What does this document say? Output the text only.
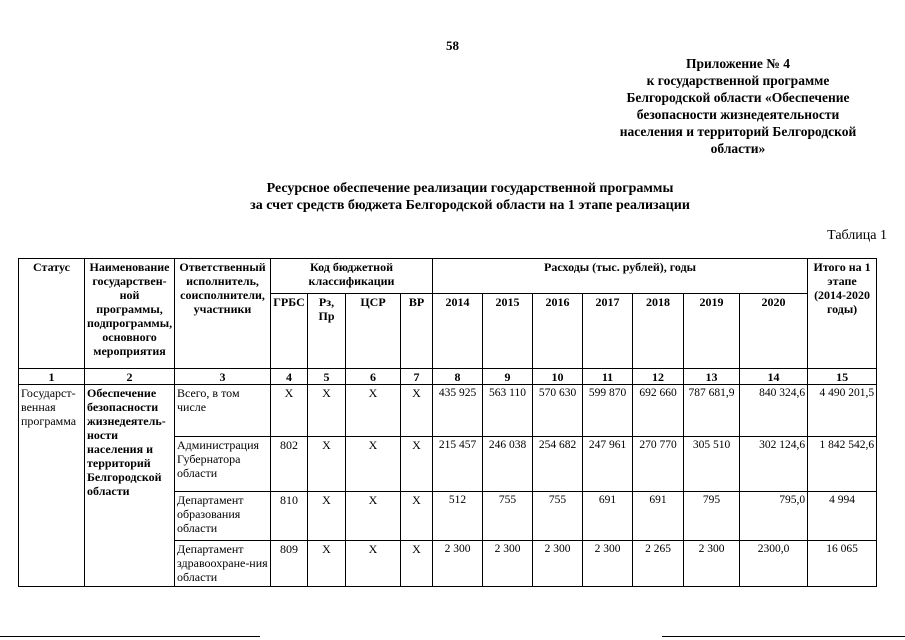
58
Приложение № 4
к государственной программе
Белгородской области «Обеспечение
безопасности жизнедеятельности
населения и территорий Белгородской
области»
Ресурсное обеспечение реализации государственной программы
за счет средств бюджета Белгородской области на 1 этапе реализации
Таблица 1
Статус	Наименование государствен-ной программы, подпрограммы, основного мероприятия	Ответственный исполнитель, соисполнители, участники	Код бюджетной классификации				Расходы (тыс. рублей), годы							Итого на 1 этапе (2014-2020 годы)
			ГРБС	Рз, Пр	ЦСР	ВР	2014	2015	2016	2017	2018	2019	2020	
1	2	3	4	5	6	7	8	9	10	11	12	13	14	15
Государст-венная программа	Обеспечение безопасности жизнедеятель-ности населения и территорий Белгородской области	Всего, в том числе	X	X	X	X	435 925	563 110	570 630	599 870	692 660	787 681,9	840 324,6	4 490 201,5
		Администрация Губернатора области	802	X	X	X	215 457	246 038	254 682	247 961	270 770	305 510	302 124,6	1 842 542,6
		Департамент образования области	810	X	X	X	512	755	755	691	691	795	795,0	4 994
		Департамент здравоохране-ния области	809	X	X	X	2 300	2 300	2 300	2 300	2 265	2 300	2300,0	16 065
